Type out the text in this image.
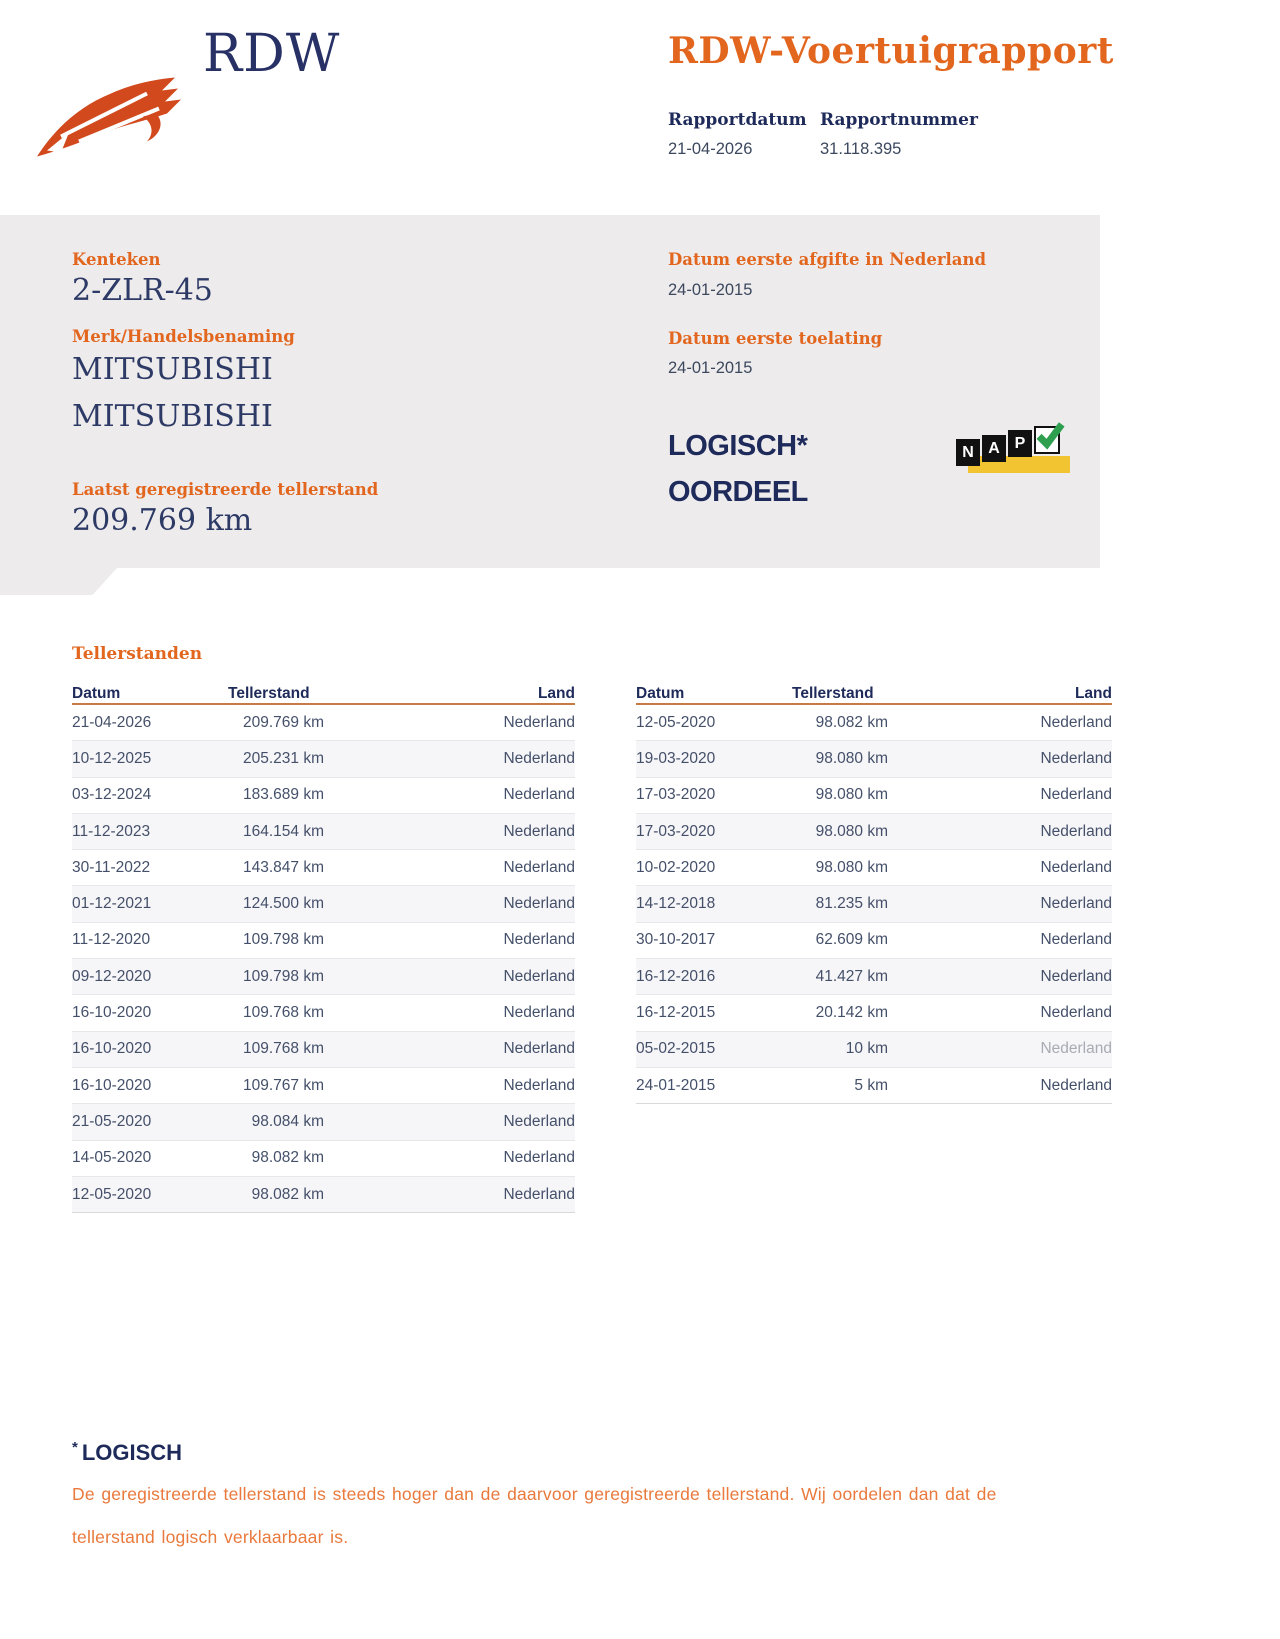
RDW	RDW-Voertuigrapport
Rapportdatum Rapportnummer
21-04-2026	31.118.395
Kenteken
2-ZLR-45
Merk/Handelsbenaming
MITSUBISHI
MITSUBISHI
Laatst geregistreerde tellerstand
209.769 km
Datum eerste afgifte in Nederland
24-01-2015
Datum eerste toelating
24-01-2015
LOGISCH*
OORDEEL
N A P
Tellerstanden
Datum	Tellerstand	Land
21-04-2026	209.769 km	Nederland
10-12-2025	205.231 km	Nederland
03-12-2024	183.689 km	Nederland
11-12-2023	164.154 km	Nederland
30-11-2022	143.847 km	Nederland
01-12-2021	124.500 km	Nederland
11-12-2020	109.798 km	Nederland
09-12-2020	109.798 km	Nederland
16-10-2020	109.768 km	Nederland
16-10-2020	109.768 km	Nederland
16-10-2020	109.767 km	Nederland
21-05-2020	98.084 km	Nederland
14-05-2020	98.082 km	Nederland
12-05-2020	98.082 km	Nederland
Datum	Tellerstand	Land
12-05-2020	98.082 km	Nederland
19-03-2020	98.080 km	Nederland
17-03-2020	98.080 km	Nederland
17-03-2020	98.080 km	Nederland
10-02-2020	98.080 km	Nederland
14-12-2018	81.235 km	Nederland
30-10-2017	62.609 km	Nederland
16-12-2016	41.427 km	Nederland
16-12-2015	20.142 km	Nederland
05-02-2015	10 km	Nederland
24-01-2015	5 km	Nederland
* LOGISCH
De geregistreerde tellerstand is steeds hoger dan de daarvoor geregistreerde tellerstand. Wij oordelen dan dat de tellerstand logisch verklaarbaar is.
